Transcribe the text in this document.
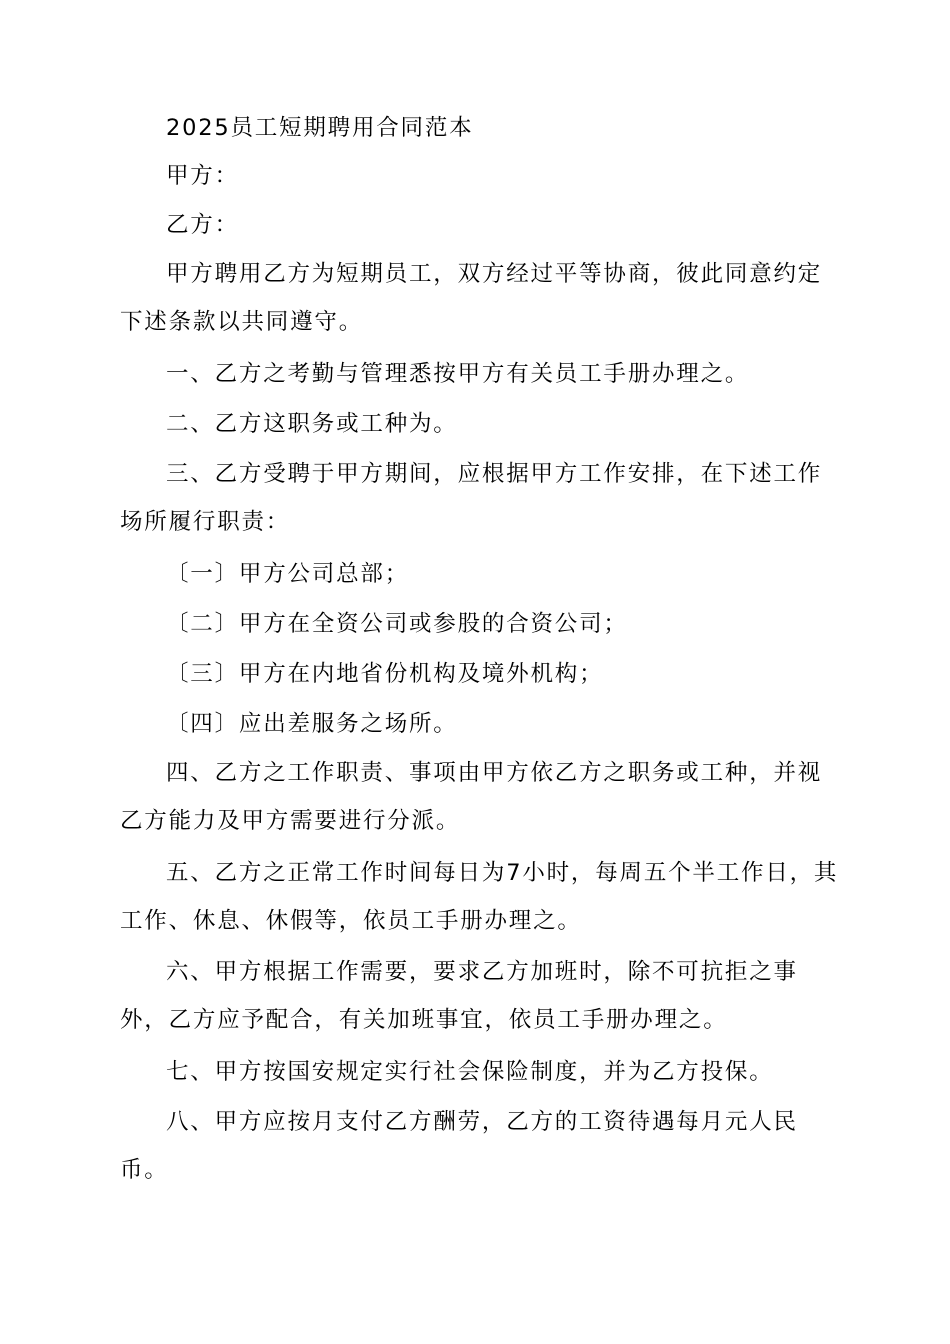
2025员工短期聘用合同范本

甲方：

乙方：

甲方聘用乙方为短期员工，双方经过平等协商，彼此同意约定下述条款以共同遵守。

一、乙方之考勤与管理悉按甲方有关员工手册办理之。

二、乙方这职务或工种为。

三、乙方受聘于甲方期间，应根据甲方工作安排，在下述工作场所履行职责：

〔一〕甲方公司总部；

〔二〕甲方在全资公司或参股的合资公司；

〔三〕甲方在内地省份机构及境外机构；

〔四〕应出差服务之场所。

四、乙方之工作职责、事项由甲方依乙方之职务或工种，并视乙方能力及甲方需要进行分派。

五、乙方之正常工作时间每日为7小时，每周五个半工作日，其工作、休息、休假等，依员工手册办理之。

六、甲方根据工作需要，要求乙方加班时，除不可抗拒之事外，乙方应予配合，有关加班事宜，依员工手册办理之。

七、甲方按国安规定实行社会保险制度，并为乙方投保。

八、甲方应按月支付乙方酬劳，乙方的工资待遇每月元人民币。
